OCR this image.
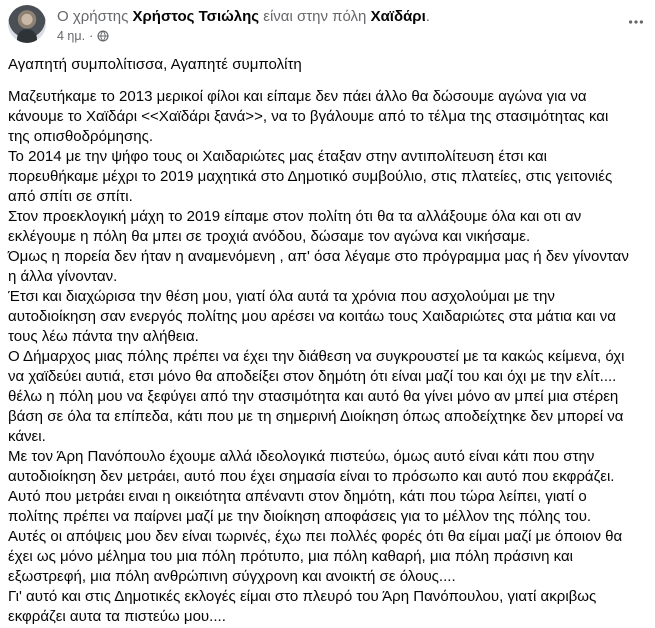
Ο χρήστης Χρήστος Τσιώλης είναι στην πόλη Χαϊδάρι.
4 ημ. ·

Αγαπητή συμπολίτισσα, Αγαπητέ συμπολίτη

Μαζευτήκαμε το 2013 μερικοί φίλοι και είπαμε δεν πάει άλλο θα δώσουμε αγώνα για να
κάνουμε το Χαϊδάρι <<Χαϊδάρι ξανά>>, να το βγάλουμε από το τέλμα της στασιμότητας και
της οπισθοδρόμησης.
Το 2014 με την ψήφο τους οι Χαιδαριώτες μας έταξαν στην αντιπολίτευση έτσι και
πορευθήκαμε μέχρι το 2019 μαχητικά στο Δημοτικό συμβούλιο, στις πλατείες, στις γειτονιές
από σπίτι σε σπίτι.
Στον προεκλογική μάχη το 2019 είπαμε στον πολίτη ότι θα τα αλλάξουμε όλα και οτι αν
εκλέγουμε η πόλη θα μπει σε τροχιά ανόδου, δώσαμε τον αγώνα και νικήσαμε.
Όμως η πορεία δεν ήταν η αναμενόμενη , απ' όσα λέγαμε στο πρόγραμμα μας ή δεν γίνονταν
η άλλα γίνονταν.
Έτσι και διαχώρισα την θέση μου, γιατί όλα αυτά τα χρόνια που ασχολούμαι με την
αυτοδιοίκηση σαν ενεργός πολίτης μου αρέσει να κοιτάω τους Χαιδαριώτες στα μάτια και να
τους λέω πάντα την αλήθεια.
Ο Δήμαρχος μιας πόλης πρέπει να έχει την διάθεση να συγκρουστεί με τα κακώς κείμενα, όχι
να χαϊδεύει αυτιά, ετσι μόνο θα αποδείξει στον δημότη ότι είναι μαζί του και όχι με την ελίτ....
θέλω η πόλη μου να ξεφύγει από την στασιμότητα και αυτό θα γίνει μόνο αν μπεί μια στέρεη
βάση σε όλα τα επίπεδα, κάτι που με τη σημερινή Διοίκηση όπως αποδείχτηκε δεν μπορεί να
κάνει.
Με τον Άρη Πανόπουλο έχουμε αλλά ιδεολογικά πιστεύω, όμως αυτό είναι κάτι που στην
αυτοδιοίκηση δεν μετράει, αυτό που έχει σημασία είναι το πρόσωπο και αυτό που εκφράζει.
Αυτό που μετράει ειναι η οικειότητα απέναντι στον δημότη, κάτι που τώρα λείπει, γιατί ο
πολίτης πρέπει να παίρνει μαζί με την διοίκηση αποφάσεις για το μέλλον της πόλης του.
Αυτές οι απόψεις μου δεν είναι τωρινές, έχω πει πολλές φορές ότι θα είμαι μαζί με όποιον θα
έχει ως μόνο μέλημα του μια πόλη πρότυπο, μια πόλη καθαρή, μια πόλη πράσινη και
εξωστρεφή, μια πόλη ανθρώπινη σύγχρονη και ανοικτή σε όλους....
Γι' αυτό και στις Δημοτικές εκλογές είμαι στο πλευρό του Άρη Πανόπουλου, γιατί ακριβως
εκφράζει αυτα τα πιστεύω μου....
